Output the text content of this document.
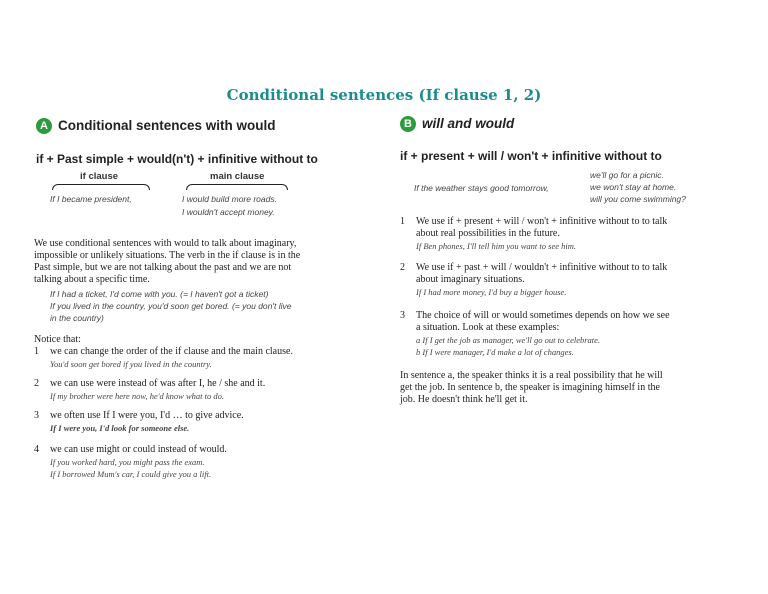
Conditional sentences (If clause 1, 2)
A Conditional sentences with would
if + Past simple + would(n't) + infinitive without to
if clause	main clause
If I became president,	I would build more roads.
I wouldn't accept money.
We use conditional sentences with would to talk about imaginary,
impossible or unlikely situations. The verb in the if clause is in the
Past simple, but we are not talking about the past and we are not
talking about a specific time.
If I had a ticket, I'd come with you. (= I haven't got a ticket)
If you lived in the country, you'd soon get bored. (= you don't live
in the country)
Notice that:
1 we can change the order of the if clause and the main clause.
You'd soon get bored if you lived in the country.
2 we can use were instead of was after I, he / she and it.
If my brother were here now, he'd know what to do.
3 we often use If I were you, I'd … to give advice.
If I were you, I'd look for someone else.
4 we can use might or could instead of would.
If you worked hard, you might pass the exam.
If I borrowed Mum's car, I could give you a lift.
B will and would
if + present + will / won't + infinitive without to
If the weather stays good tomorrow,
we'll go for a picnic.
we won't stay at home.
will you come swimming?
1 We use if + present + will / won't + infinitive without to to talk
about real possibilities in the future.
If Ben phones, I'll tell him you want to see him.
2 We use if + past + will / wouldn't + infinitive without to to talk
about imaginary situations.
If I had more money, I'd buy a bigger house.
3 The choice of will or would sometimes depends on how we see
a situation. Look at these examples:
a If I get the job as manager, we'll go out to celebrate.
b If I were manager, I'd make a lot of changes.
In sentence a, the speaker thinks it is a real possibility that he will
get the job. In sentence b, the speaker is imagining himself in the
job. He doesn't think he'll get it.
